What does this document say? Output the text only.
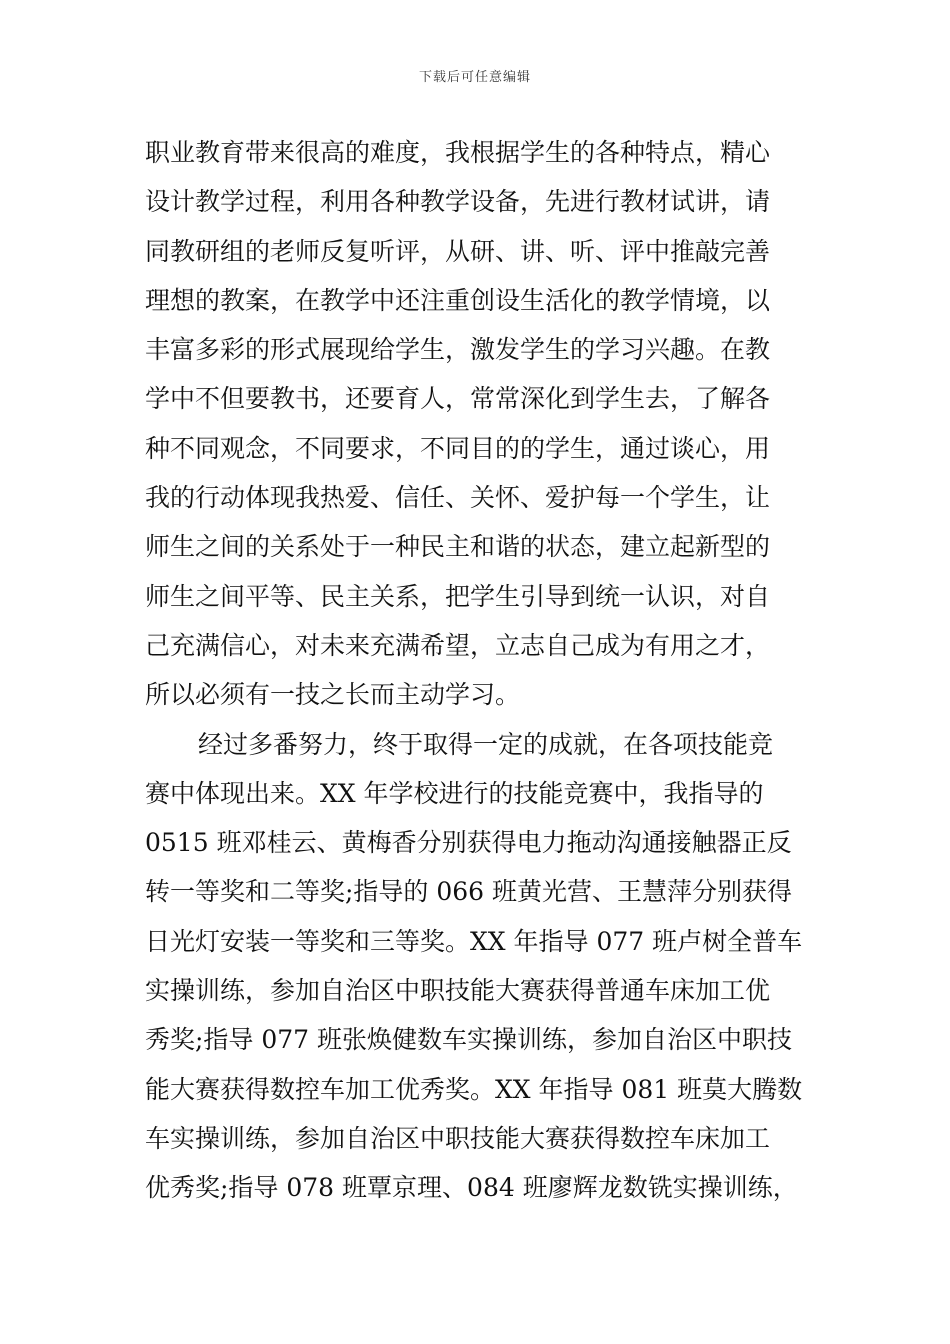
下载后可任意编辑
职业教育带来很高的难度，我根据学生的各种特点，精心
设计教学过程，利用各种教学设备，先进行教材试讲，请
同教研组的老师反复听评，从研、讲、听、评中推敲完善
理想的教案，在教学中还注重创设生活化的教学情境，以
丰富多彩的形式展现给学生，激发学生的学习兴趣。在教
学中不但要教书，还要育人，常常深化到学生去，了解各
种不同观念，不同要求，不同目的的学生，通过谈心，用
我的行动体现我热爱、信任、关怀、爱护每一个学生，让
师生之间的关系处于一种民主和谐的状态，建立起新型的
师生之间平等、民主关系，把学生引导到统一认识，对自
己充满信心，对未来充满希望，立志自己成为有用之才，
所以必须有一技之长而主动学习。
经过多番努力，终于取得一定的成就，在各项技能竞
赛中体现出来。XX 年学校进行的技能竞赛中，我指导的
0515 班邓桂云、黄梅香分别获得电力拖动沟通接触器正反
转一等奖和二等奖;指导的 066 班黄光营、王慧萍分别获得
日光灯安装一等奖和三等奖。XX 年指导 077 班卢树全普车
实操训练，参加自治区中职技能大赛获得普通车床加工优
秀奖;指导 077 班张焕健数车实操训练，参加自治区中职技
能大赛获得数控车加工优秀奖。XX 年指导 081 班莫大腾数
车实操训练，参加自治区中职技能大赛获得数控车床加工
优秀奖;指导 078 班覃京理、084 班廖辉龙数铣实操训练，
